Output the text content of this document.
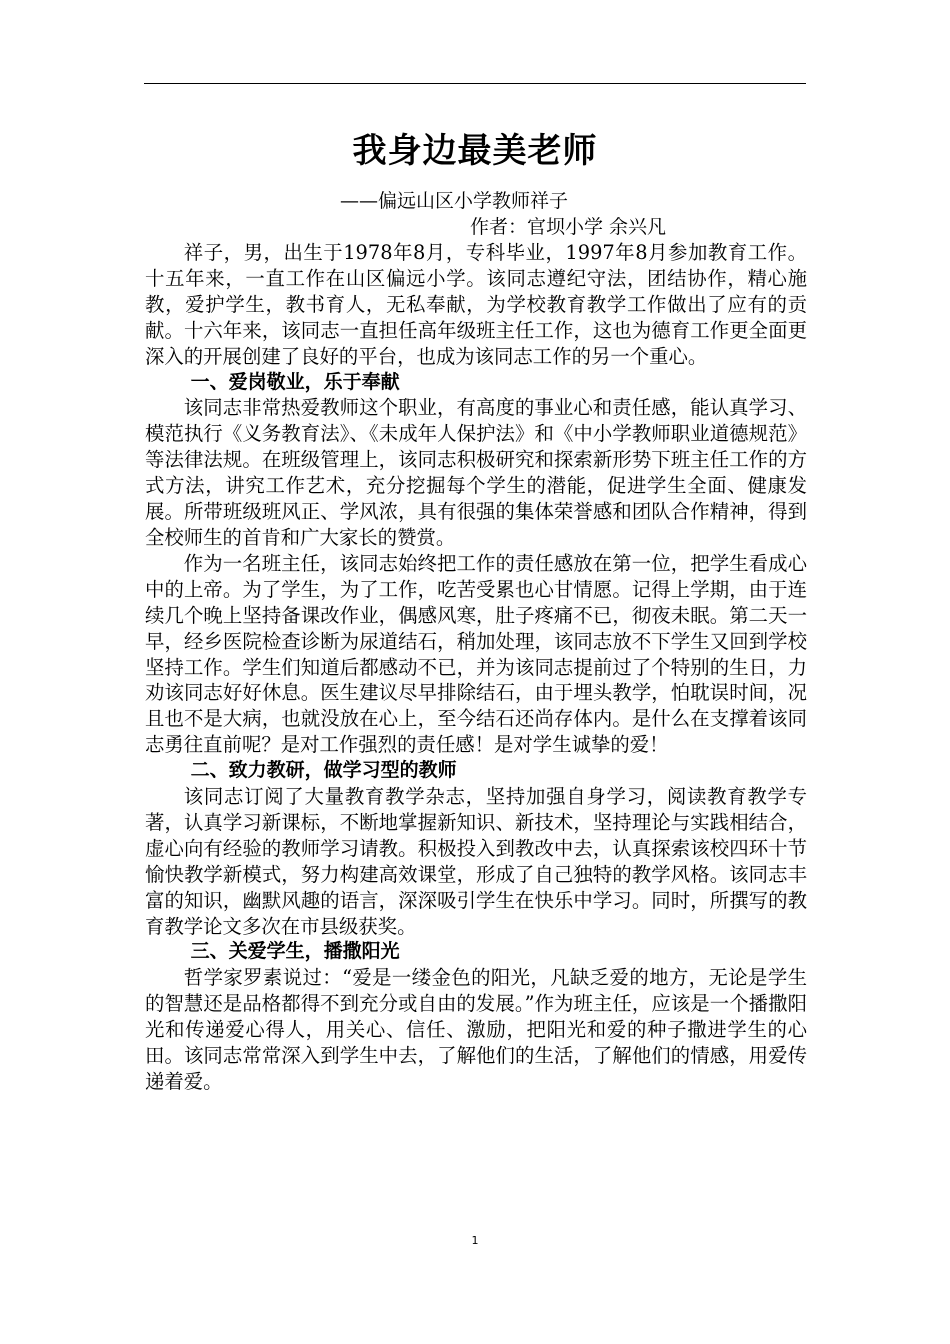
我身边最美老师
——偏远山区小学教师祥子
作者：官坝小学 余兴凡

祥子，男，出生于1978年8月，专科毕业，1997年8月参加教育工作。十五年来，一直工作在山区偏远小学。该同志遵纪守法，团结协作，精心施教，爱护学生，教书育人，无私奉献，为学校教育教学工作做出了应有的贡献。十六年来，该同志一直担任高年级班主任工作，这也为德育工作更全面更深入的开展创建了良好的平台，也成为该同志工作的另一个重心。

一、爱岗敬业，乐于奉献

该同志非常热爱教师这个职业，有高度的事业心和责任感，能认真学习、模范执行《义务教育法》、《未成年人保护法》和《中小学教师职业道德规范》等法律法规。在班级管理上，该同志积极研究和探索新形势下班主任工作的方式方法，讲究工作艺术，充分挖掘每个学生的潜能，促进学生全面、健康发展。所带班级班风正、学风浓，具有很强的集体荣誉感和团队合作精神，得到全校师生的首肯和广大家长的赞赏。

作为一名班主任，该同志始终把工作的责任感放在第一位，把学生看成心中的上帝。为了学生，为了工作，吃苦受累也心甘情愿。记得上学期，由于连续几个晚上坚持备课改作业，偶感风寒，肚子疼痛不已，彻夜未眠。第二天一早，经乡医院检查诊断为尿道结石，稍加处理，该同志放不下学生又回到学校坚持工作。学生们知道后都感动不已，并为该同志提前过了个特别的生日，力劝该同志好好休息。医生建议尽早排除结石，由于埋头教学，怕耽误时间，况且也不是大病，也就没放在心上，至今结石还尚存体内。是什么在支撑着该同志勇往直前呢？是对工作强烈的责任感！是对学生诚挚的爱！

二、致力教研，做学习型的教师

该同志订阅了大量教育教学杂志，坚持加强自身学习，阅读教育教学专著，认真学习新课标，不断地掌握新知识、新技术，坚持理论与实践相结合，虚心向有经验的教师学习请教。积极投入到教改中去，认真探索该校四环十节愉快教学新模式，努力构建高效课堂，形成了自己独特的教学风格。该同志丰富的知识，幽默风趣的语言，深深吸引学生在快乐中学习。同时，所撰写的教育教学论文多次在市县级获奖。

三、关爱学生，播撒阳光

哲学家罗素说过：“爱是一缕金色的阳光，凡缺乏爱的地方，无论是学生的智慧还是品格都得不到充分或自由的发展。”作为班主任，应该是一个播撒阳光和传递爱心得人，用关心、信任、激励，把阳光和爱的种子撒进学生的心田。该同志常常深入到学生中去，了解他们的生活，了解他们的情感，用爱传递着爱。

1
